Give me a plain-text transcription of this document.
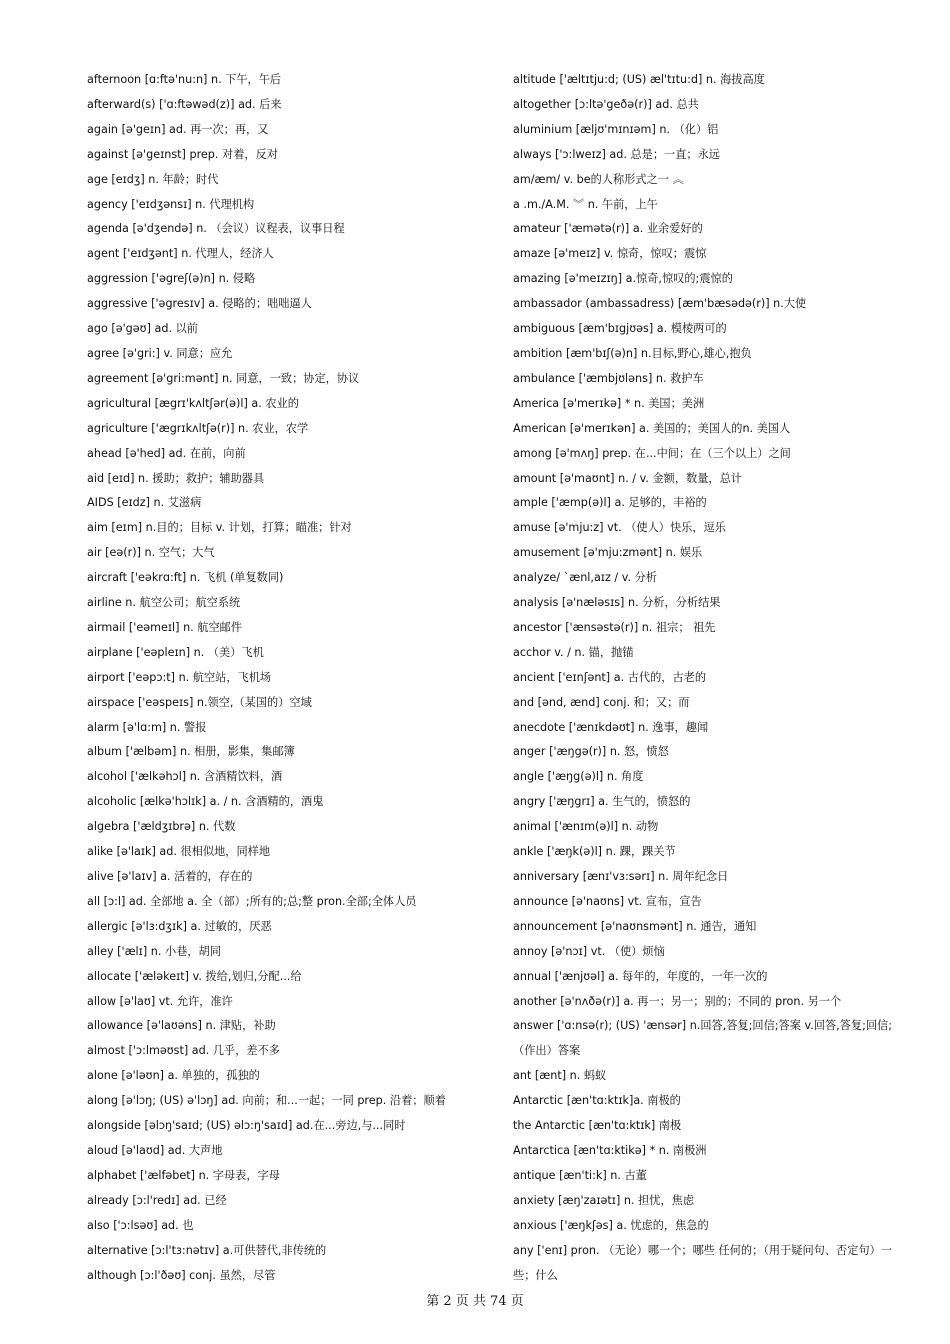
afternoon [ɑ:ftə'nu:n] n. 下午，午后
afterward(s) ['ɑ:ftəwəd(z)] ad. 后来
again [ə'geɪn] ad. 再一次；再，又
against [ə'geɪnst] prep. 对着，反对
age [eɪdʒ] n. 年龄；时代
agency ['eɪdʒənsɪ] n. 代理机构
agenda [ə'dʒendə] n. （会议）议程表，议事日程
agent ['eɪdʒənt] n. 代理人，经济人
aggression ['əgreʃ(ə)n] n. 侵略
aggressive ['əgresɪv] a. 侵略的；咄咄逼人
ago [ə'gəʊ] ad. 以前
agree [ə'gri:] v. 同意；应允
agreement [ə'gri:mənt] n. 同意，一致；协定，协议
agricultural [ægrɪ'kʌltʃər(ə)l] a. 农业的
agriculture ['ægrɪkʌltʃə(r)] n. 农业，农学
ahead [ə'hed] ad. 在前，向前
aid [eɪd] n. 援助；救护；辅助器具
AIDS [eɪdz] n. 艾滋病
aim [eɪm] n.目的；目标 v. 计划，打算；瞄准；针对
air [eə(r)] n. 空气；大气
aircraft ['eəkrɑ:ft] n. 飞机 (单复数同)
airline n. 航空公司；航空系统
airmail ['eəmeɪl] n. 航空邮件
airplane ['eəpleɪn] n. （美）飞机
airport ['eəpɔ:t] n. 航空站，飞机场
airspace ['eəspeɪs] n.领空,（某国的）空域
alarm [ə'lɑ:m] n. 警报
album ['ælbəm] n. 相册，影集，集邮簿
alcohol ['ælkəhɔl] n. 含酒精饮料，酒
alcoholic [ælkə'hɔlɪk] a. / n. 含酒精的，酒鬼
algebra ['ældʒɪbrə] n. 代数
alike [ə'laɪk] ad. 很相似地，同样地
alive [ə'laɪv] a. 活着的，存在的
all [ɔ:l] ad. 全部地 a. 全（部）;所有的;总;整 pron.全部;全体人员
allergic [ə'lɜ:dʒɪk] a. 过敏的，厌恶
alley ['ælɪ] n. 小巷，胡同
allocate ['æləkeɪt] v. 拨给,划归,分配...给
allow [ə'laʊ] vt. 允许，准许
allowance [ə'laʊəns] n. 津贴，补助
almost ['ɔ:lməʊst] ad. 几乎，差不多
alone [ə'ləʊn] a. 单独的，孤独的
along [ə'lɔŋ; (US) ə'lɔŋ] ad. 向前；和...一起；一同 prep. 沿着；顺着
alongside [əlɔŋ'saɪd; (US) əlɔ:ŋ'saɪd] ad.在...旁边,与...同时
aloud [ə'laʊd] ad. 大声地
alphabet ['ælfəbet] n. 字母表，字母
already [ɔ:l'redɪ] ad. 已经
also ['ɔ:lsəʊ] ad. 也
alternative [ɔ:l'tɜ:nətɪv] a.可供替代,非传统的
although [ɔ:l'ðəʊ] conj. 虽然，尽管
altitude ['æltɪtju:d; (US) æl'tɪtu:d] n. 海拔高度
altogether [ɔ:ltə'geðə(r)] ad. 总共
aluminium [æljʊ'mɪnɪəm] n. （化）铝
always ['ɔ:lweɪz] ad. 总是；一直；永远
am/æm/ v. be的人称形式之一 ︽
a .m./A.M. ︾ n. 午前，上午
amateur ['æmətə(r)] a. 业余爱好的
amaze [ə'meɪz] v. 惊奇，惊叹；震惊
amazing [ə'meɪzɪŋ] a.惊奇,惊叹的;震惊的
ambassador (ambassadress) [æm'bæsədə(r)] n.大使
ambiguous [æm'bɪgjʊəs] a. 模棱两可的
ambition [æm'bɪʃ(ə)n] n.目标,野心,雄心,抱负
ambulance ['æmbjʊləns] n. 救护车
America [ə'merɪkə] * n. 美国；美洲
American [ə'merɪkən] a. 美国的；美国人的n. 美国人
among [ə'mʌŋ] prep. 在...中间；在（三个以上）之间
amount [ə'maʊnt] n. / v. 金额，数量，总计
ample ['æmp(ə)l] a. 足够的，丰裕的
amuse [ə'mju:z] vt. （使人）快乐，逗乐
amusement [ə'mju:zmənt] n. 娱乐
analyze/ `ænl,aɪz / v. 分析
analysis [ə'næləsɪs] n. 分析，分析结果
ancestor ['ænsəstə(r)] n. 祖宗； 祖先
acchor v. / n. 锚，抛锚
ancient ['eɪnʃənt] a. 古代的，古老的
and [ənd, ænd] conj. 和；又；而
anecdote ['ænɪkdəʊt] n. 逸事，趣闻
anger ['æŋgə(r)] n. 怒，愤怒
angle ['æŋg(ə)l] n. 角度
angry ['æŋgrɪ] a. 生气的，愤怒的
animal ['ænɪm(ə)l] n. 动物
ankle ['æŋk(ə)l] n. 踝，踝关节
anniversary [ænɪ'vɜ:sərɪ] n. 周年纪念日
announce [ə'naʊns] vt. 宣布，宣告
announcement [ə'naʊnsmənt] n. 通告，通知
annoy [ə'nɔɪ] vt. （使）烦恼
annual ['ænjʊəl] a. 每年的，年度的，一年一次的
another [ə'nʌðə(r)] a. 再一；另一；别的；不同的 pron. 另一个
answer ['ɑ:nsə(r); (US) 'ænsər] n.回答,答复;回信;答案 v.回答,答复;回信;（作出）答案
ant [ænt] n. 蚂蚁
Antarctic [æn'tɑ:ktɪk]a. 南极的
the Antarctic [æn'tɑ:ktɪk] 南极
Antarctica [æn'tɑ:ktikə] * n. 南极洲
antique [æn'ti:k] n. 古董
anxiety [æŋ'zaɪətɪ] n. 担忧，焦虑
anxious ['æŋkʃəs] a. 忧虑的，焦急的
any ['enɪ] pron. （无论）哪一个；哪些 任何的；（用于疑问句、否定句）一些；什么
第 2 页 共 74 页
